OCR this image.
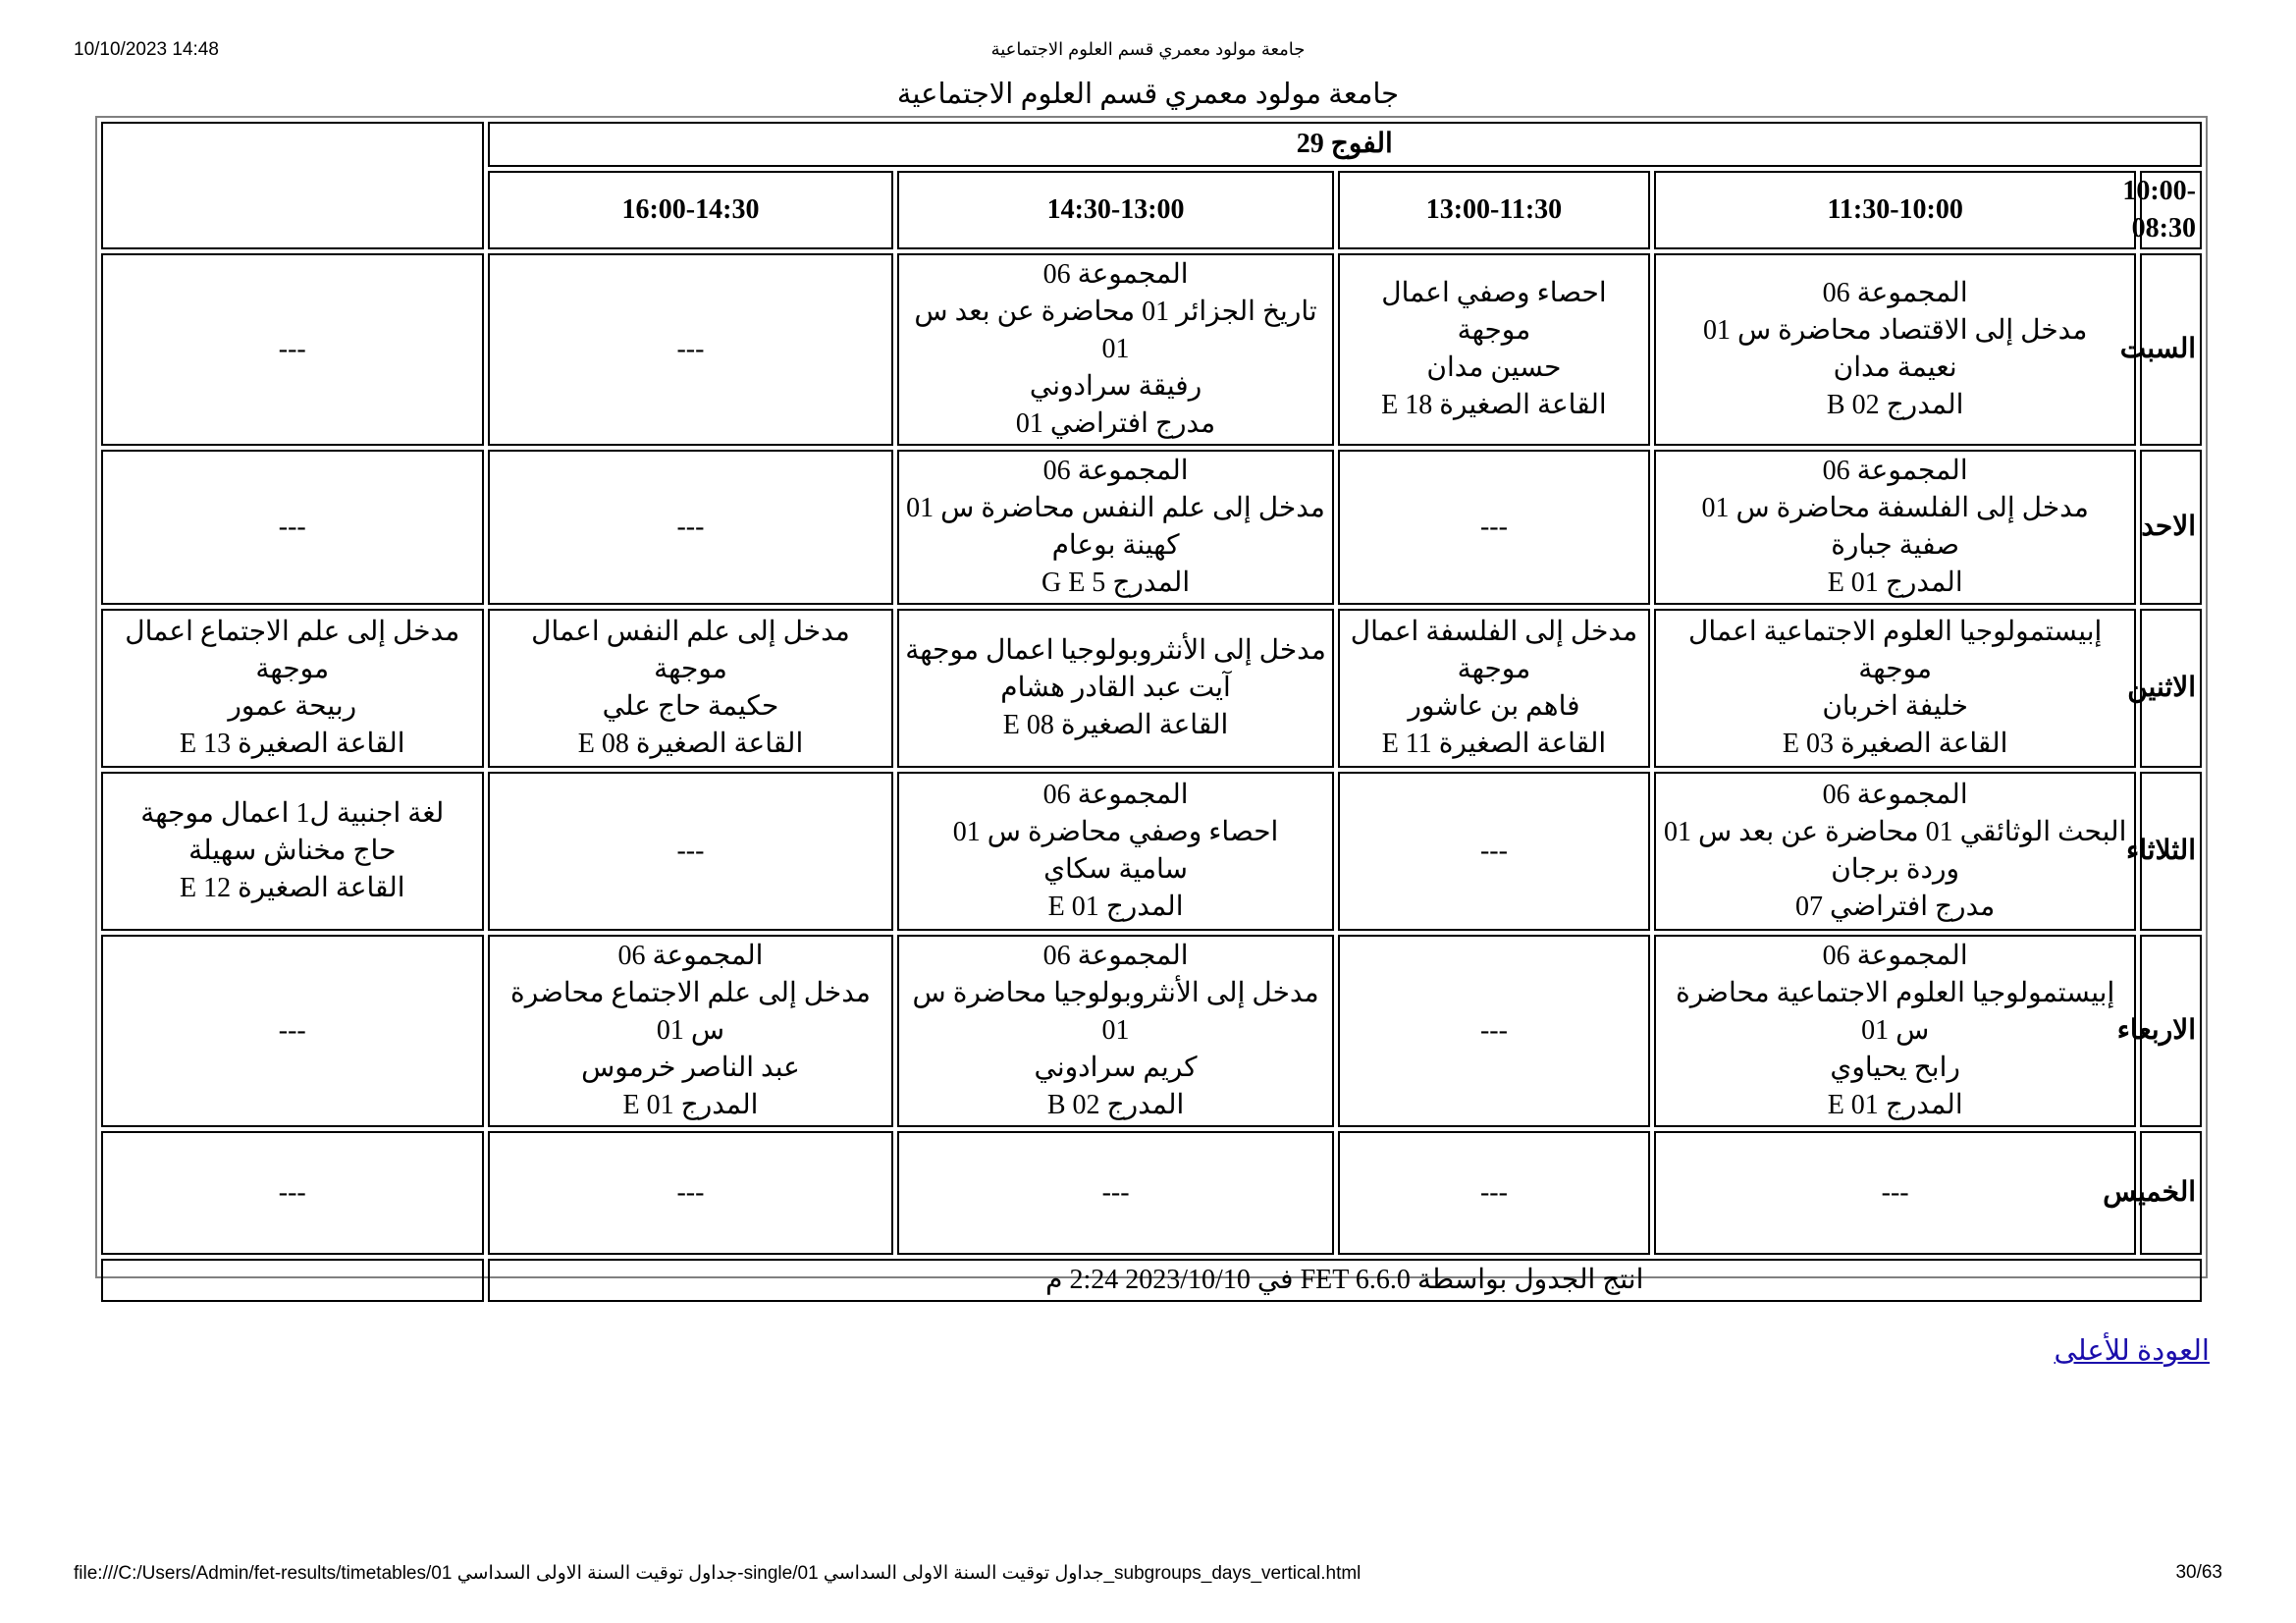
10/10/2023 14:48	جامعة مولود معمري قسم العلوم الاجتماعية
جامعة مولود معمري قسم العلوم الاجتماعية
الفوج 29					
10:00-08:30	11:30-10:00	13:00-11:30	14:30-13:00	16:00-14:30	
السبت	المجموعة 06
مدخل إلى الاقتصاد محاضرة س 01
نعيمة مدان
المدرج B 02	احصاء وصفي اعمال موجهة
حسين مدان
القاعة الصغيرة E 18	المجموعة 06
تاريخ الجزائر 01 محاضرة عن بعد س 01
رفيقة سرادوني
مدرج افتراضي 01	---	---

الاحد	المجموعة 06
مدخل إلى الفلسفة محاضرة س 01
صفية جبارة
المدرج E 01	---	المجموعة 06
مدخل إلى علم النفس محاضرة س 01
كهينة بوعام
المدرج G E 5	---	---

الاثنين	إبيستمولوجيا العلوم الاجتماعية اعمال موجهة
خليفة اخربان
القاعة الصغيرة E 03	مدخل إلى الفلسفة اعمال موجهة
فاهم بن عاشور
القاعة الصغيرة E 11	مدخل إلى الأنثروبولوجيا اعمال موجهة
آيت عبد القادر هشام
القاعة الصغيرة E 08	مدخل إلى علم النفس اعمال موجهة
حكيمة حاج علي
القاعة الصغيرة E 08	مدخل إلى علم الاجتماع اعمال موجهة
ربيحة عمور
القاعة الصغيرة E 13

الثلاثاء	المجموعة 06
البحث الوثائقي 01 محاضرة عن بعد س 01
وردة برجان
مدرج افتراضي 07	---	المجموعة 06
احصاء وصفي محاضرة س 01
سامية سكاي
المدرج E 01	---	لغة اجنبية ل1 اعمال موجهة
حاج مخناش سهيلة
القاعة الصغيرة E 12

الاربعاء	المجموعة 06
إبيستمولوجيا العلوم الاجتماعية محاضرة س 01
رابح يحياوي
المدرج E 01	---	المجموعة 06
مدخل إلى الأنثروبولوجيا محاضرة س 01
كريم سرادوني
المدرج B 02	المجموعة 06
مدخل إلى علم الاجتماع محاضرة س 01
عبد الناصر خرموس
المدرج E 01	---

الخميس	---	---	---	---	---

انتج الجدول بواسطة FET 6.6.0 في 2023/10/10 2:24 م					
العودة للأعلى
file:///C:/Users/Admin/fet-results/timetables/01 جداول توقيت السنة الاولى السداسي-single/01 جداول توقيت السنة الاولى السداسي_subgroups_days_vertical.html	30/63
